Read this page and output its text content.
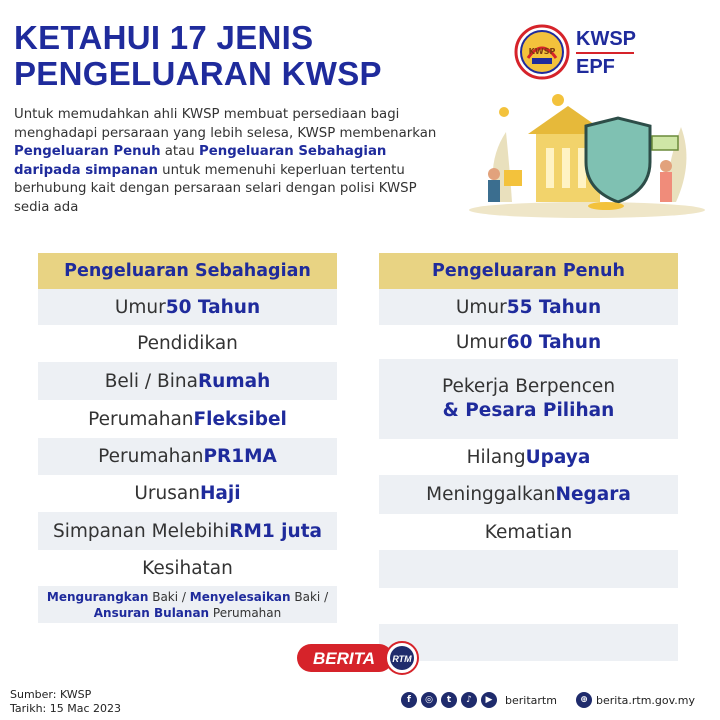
KETAHUI 17 JENIS
PENGELUARAN KWSP
KWSP
KWSP
EPF

Untuk memudahkan ahli KWSP membuat persediaan bagi menghadapi persaraan yang lebih selesa, KWSP membenarkan Pengeluaran Penuh atau Pengeluaran Sebahagian daripada simpanan untuk memenuhi keperluan tertentu berhubung kait dengan persaraan selari dengan polisi KWSP sedia ada

Pengeluaran Sebahagian
Umur 50 Tahun
Pendidikan
Beli / Bina Rumah
Perumahan Fleksibel
Perumahan PR1MA
Urusan Haji
Simpanan Melebihi RM1 juta
Kesihatan
Mengurangkan Baki / Menyelesaikan Baki / Ansuran Bulanan Perumahan
Pengeluaran Penuh
Umur 55 Tahun
Umur 60 Tahun
Pekerja Berpencen
& Pesara Pilihan
Hilang Upaya
Meninggalkan Negara
Kematian
BERITA RTM
Sumber: KWSP
Tarikh: 15 Mac 2023
f	◎	t	♪	▶	beritartm	⊕ berita.rtm.gov.my
